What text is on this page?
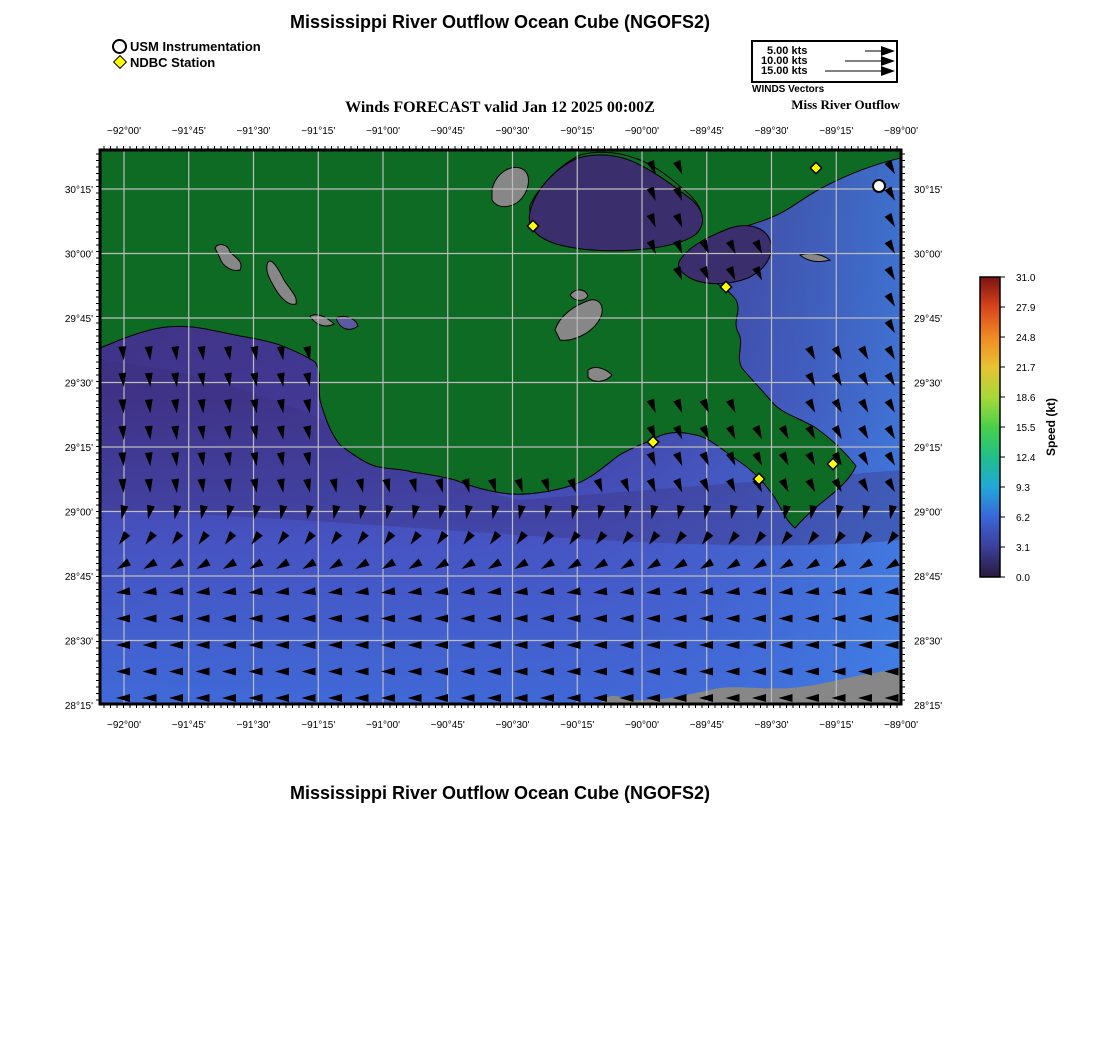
Mississippi River Outflow Ocean Cube (NGOFS2)
USM Instrumentation
NDBC Station
5.00 kts
10.00 kts
15.00 kts
WINDS Vectors
Miss River Outflow
Winds FORECAST valid Jan 12 2025 00:00Z
−92°00'
−92°00'
−91°45'
−91°45'
−91°30'
−91°30'
−91°15'
−91°15'
−91°00'
−91°00'
−90°45'
−90°45'
−90°30'
−90°30'
−90°15'
−90°15'
−90°00'
−90°00'
−89°45'
−89°45'
−89°30'
−89°30'
−89°15'
−89°15'
−89°00'
−89°00'
30°15'	30°15'
30°00'	30°00'
29°45'	29°45'
29°30'	29°30'
29°15'	29°15'
29°00'	29°00'
28°45'	28°45'
28°30'	28°30'
28°15'	28°15'
31.0
27.9
24.8
21.7
18.6
15.5
12.4
9.3
6.2
3.1
0.0
Speed (kt)
Mississippi River Outflow Ocean Cube (NGOFS2)
